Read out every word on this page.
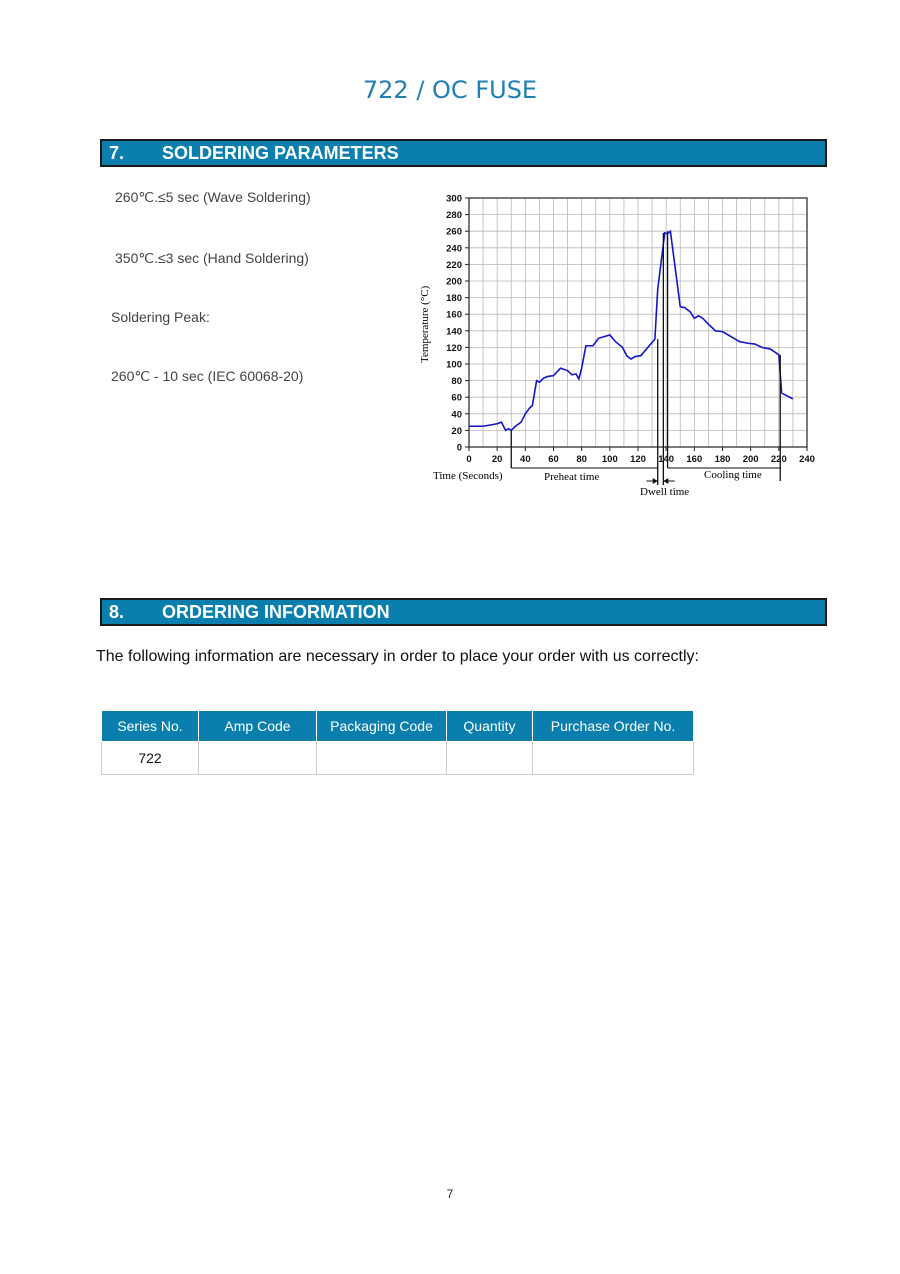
722 / OC FUSE
7. SOLDERING PARAMETERS
260℃.≤5 sec (Wave Soldering)
350℃.≤3 sec (Hand Soldering)
Soldering Peak:
260℃ - 10 sec (IEC 60068-20)
0 20 40 60 80 100 120 140 160 180 200 220 240
0
20
40
60
80
100
120
140
160
180
200
220
240
260
280
300
Time (Seconds)
Temperature (°C)
Preheat time
Dwell time
Cooling time
8. ORDERING INFORMATION
The following information are necessary in order to place your order with us correctly:
Series No.	Amp Code	Packaging Code	Quantity	Purchase Order No.
722				
7
